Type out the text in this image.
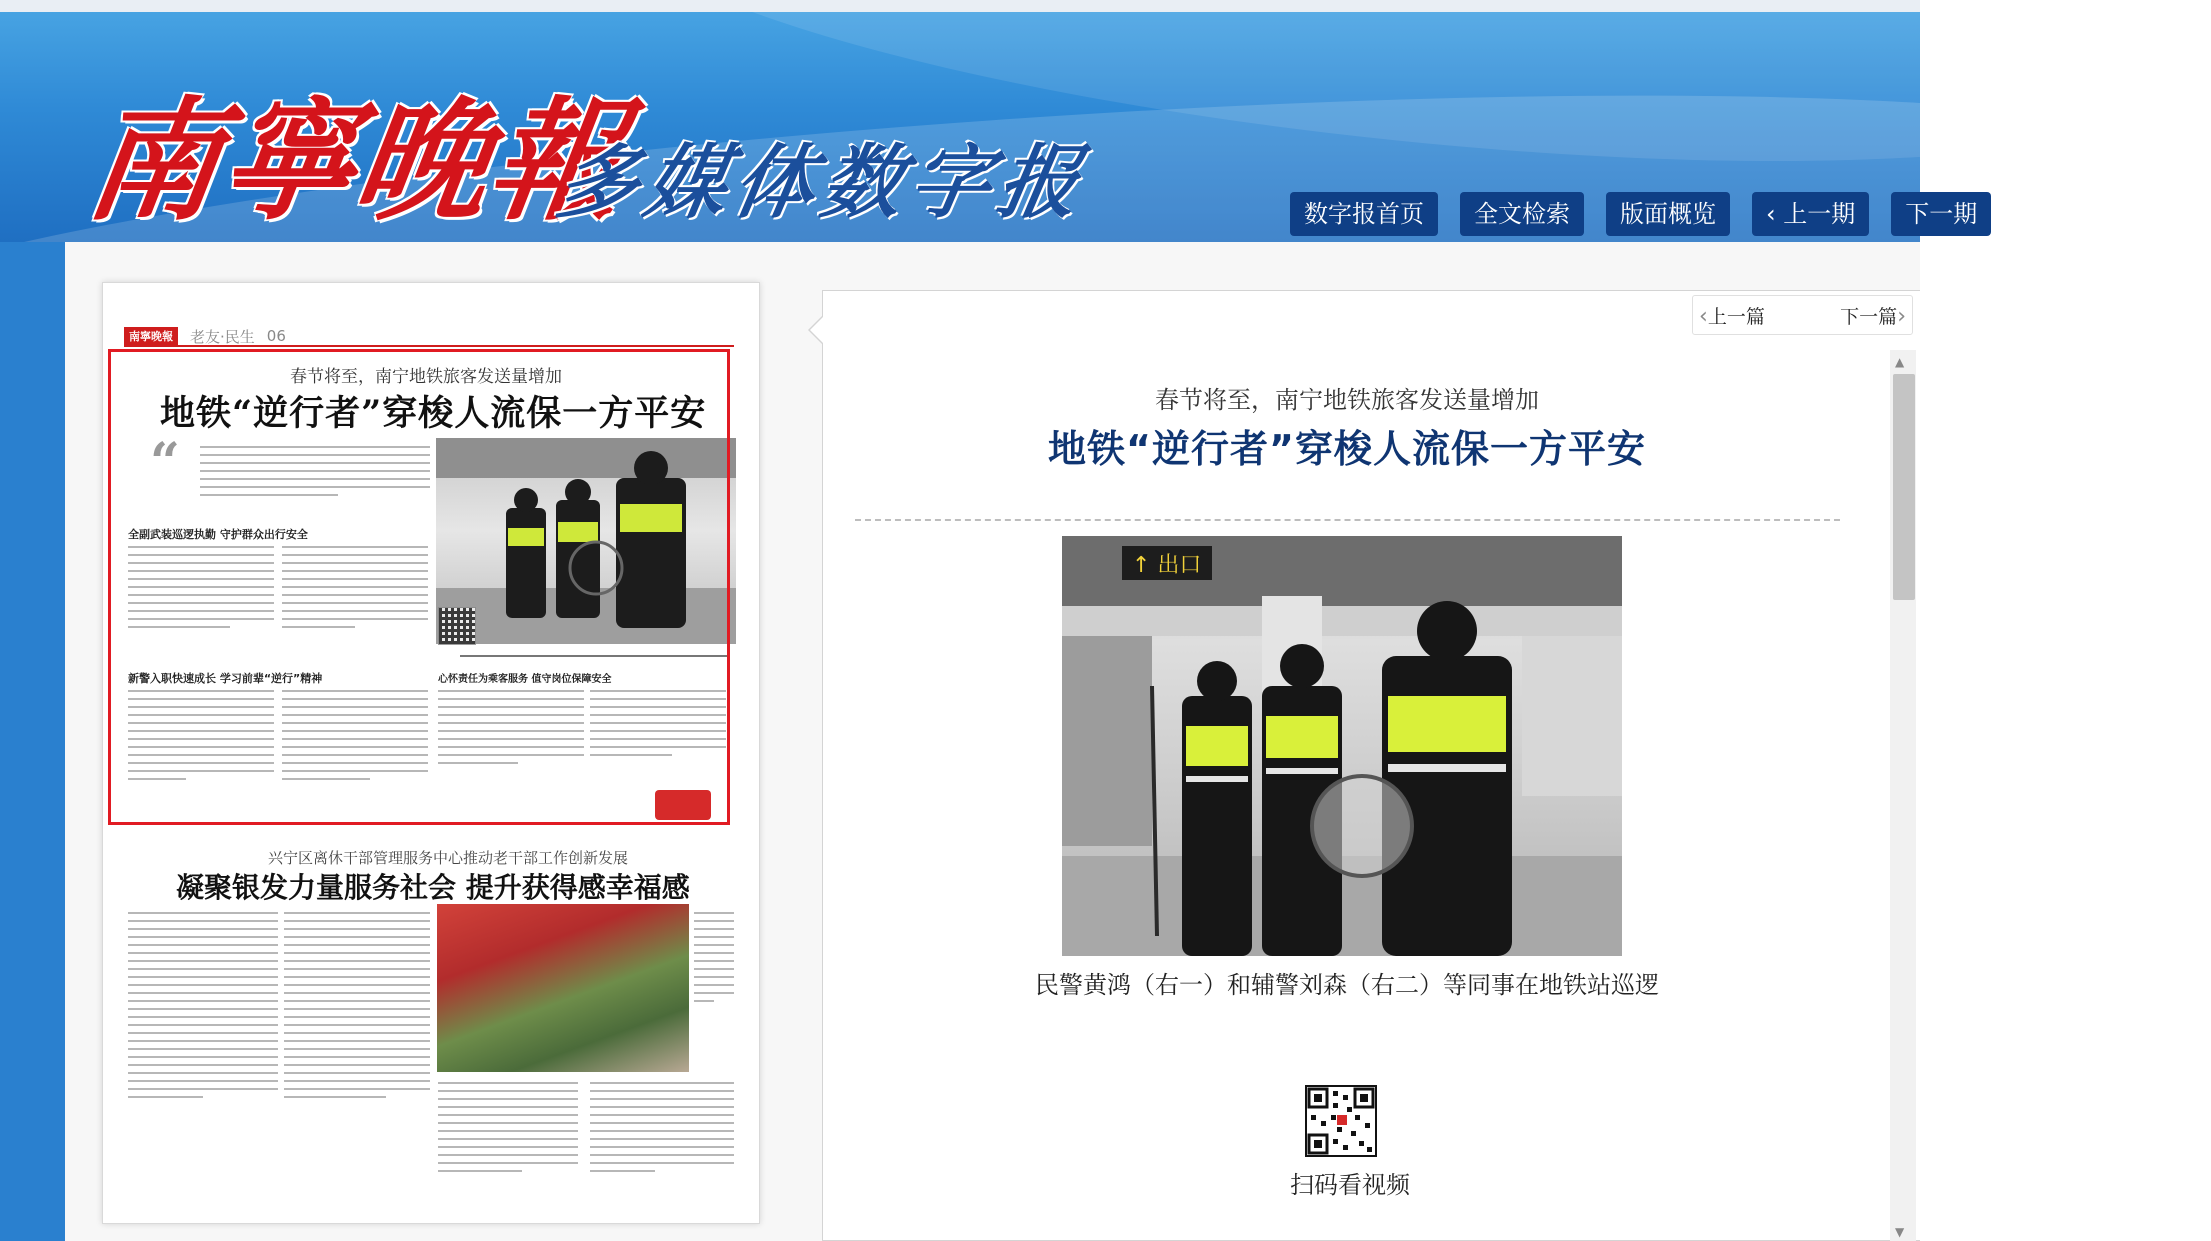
南寧晚報
多媒体数字报	数字报首页	全文检索	版面概览	‹ 上一期	下一期
南寧晚報	老友·民生 06
春节将至，南宁地铁旅客发送量增加
地铁“逆行者”穿梭人流保一方平安
“
全副武装巡逻执勤 守护群众出行安全
新警入职快速成长 学习前辈“逆行”精神	心怀责任为乘客服务 值守岗位保障安全
兴宁区离休干部管理服务中心推动老干部工作创新发展
凝聚银发力量服务社会 提升获得感幸福感
‹上一篇	下一篇›
春节将至，南宁地铁旅客发送量增加
地铁“逆行者”穿梭人流保一方平安
↑ 出口
民警黄鸿（右一）和辅警刘森（右二）等同事在地铁站巡逻
扫码看视频
▲
▼
